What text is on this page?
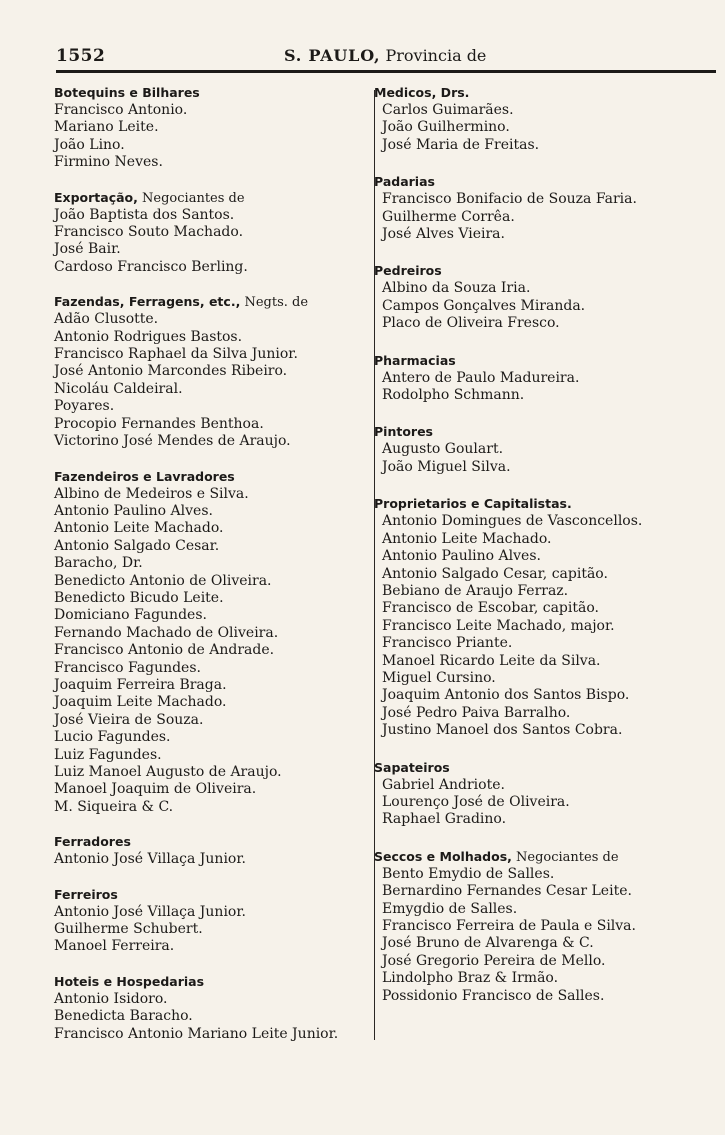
1552	S. PAULO, Provincia de
Botequins e Bilhares
Francisco Antonio.
Mariano Leite.
João Lino.
Firmino Neves.
Exportação, Negociantes de
João Baptista dos Santos.
Francisco Souto Machado.
José Bair.
Cardoso Francisco Berling.
Fazendas, Ferragens, etc., Negts. de
Adão Clusotte.
Antonio Rodrigues Bastos.
Francisco Raphael da Silva Junior.
José Antonio Marcondes Ribeiro.
Nicoláu Caldeiral.
Poyares.
Procopio Fernandes Benthoa.
Victorino José Mendes de Araujo.
Fazendeiros e Lavradores
Albino de Medeiros e Silva.
Antonio Paulino Alves.
Antonio Leite Machado.
Antonio Salgado Cesar.
Baracho, Dr.
Benedicto Antonio de Oliveira.
Benedicto Bicudo Leite.
Domiciano Fagundes.
Fernando Machado de Oliveira.
Francisco Antonio de Andrade.
Francisco Fagundes.
Joaquim Ferreira Braga.
Joaquim Leite Machado.
José Vieira de Souza.
Lucio Fagundes.
Luiz Fagundes.
Luiz Manoel Augusto de Araujo.
Manoel Joaquim de Oliveira.
M. Siqueira & C.
Ferradores
Antonio José Villaça Junior.
Ferreiros
Antonio José Villaça Junior.
Guilherme Schubert.
Manoel Ferreira.
Hoteis e Hospedarias
Antonio Isidoro.
Benedicta Baracho.
Francisco Antonio Mariano Leite Junior.
Medicos, Drs.
Carlos Guimarães.
João Guilhermino.
José Maria de Freitas.
Padarias
Francisco Bonifacio de Souza Faria.
Guilherme Corrêa.
José Alves Vieira.
Pedreiros
Albino da Souza Iria.
Campos Gonçalves Miranda.
Placo de Oliveira Fresco.
Pharmacias
Antero de Paulo Madureira.
Rodolpho Schmann.
Pintores
Augusto Goulart.
João Miguel Silva.
Proprietarios e Capitalistas.
Antonio Domingues de Vasconcellos.
Antonio Leite Machado.
Antonio Paulino Alves.
Antonio Salgado Cesar, capitão.
Bebiano de Araujo Ferraz.
Francisco de Escobar, capitão.
Francisco Leite Machado, major.
Francisco Priante.
Manoel Ricardo Leite da Silva.
Miguel Cursino.
Joaquim Antonio dos Santos Bispo.
José Pedro Paiva Barralho.
Justino Manoel dos Santos Cobra.
Sapateiros
Gabriel Andriote.
Lourenço José de Oliveira.
Raphael Gradino.
Seccos e Molhados, Negociantes de
Bento Emydio de Salles.
Bernardino Fernandes Cesar Leite.
Emygdio de Salles.
Francisco Ferreira de Paula e Silva.
José Bruno de Alvarenga & C.
José Gregorio Pereira de Mello.
Lindolpho Braz & Irmão.
Possidonio Francisco de Salles.
